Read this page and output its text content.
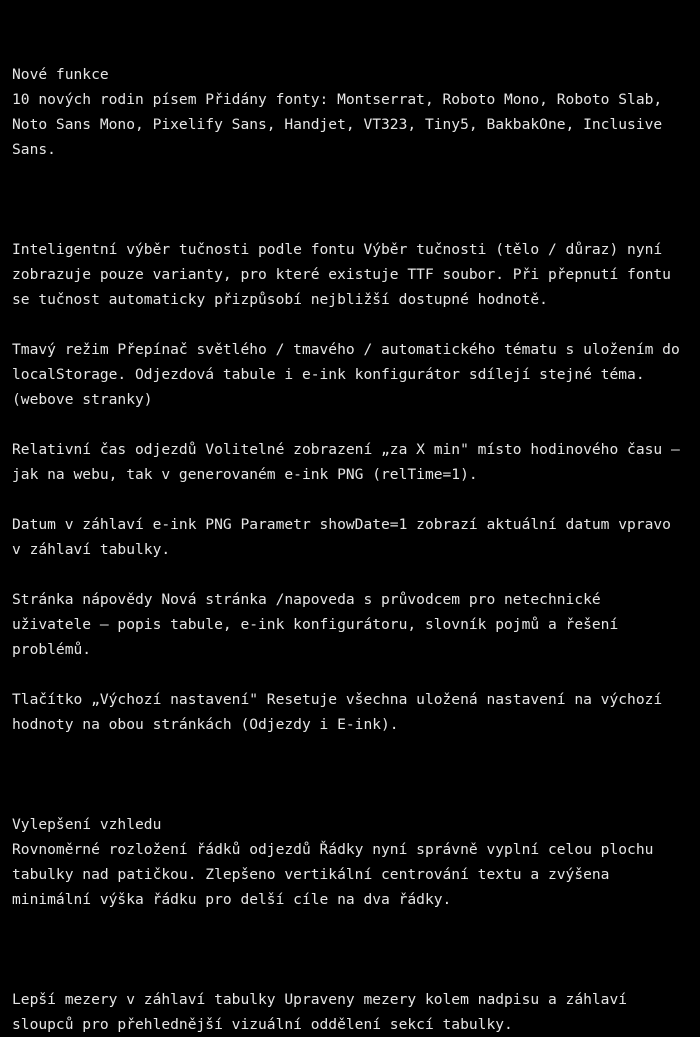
Nové funkce
10 nových rodin písem Přidány fonty: Montserrat, Roboto Mono, Roboto Slab, Noto Sans Mono, Pixelify Sans, Handjet, VT323, Tiny5, BakbakOne, Inclusive Sans.

Inteligentní výběr tučnosti podle fontu Výběr tučnosti (tělo / důraz) nyní zobrazuje pouze varianty, pro které existuje TTF soubor. Při přepnutí fontu se tučnost automaticky přizpůsobí nejbližší dostupné hodnotě.
Tmavý režim Přepínač světlého / tmavého / automatického tématu s uložením do localStorage. Odjezdová tabule i e-ink konfigurátor sdílejí stejné téma. (webove stranky)
Relativní čas odjezdů Volitelné zobrazení „za X min" místo hodinového času — jak na webu, tak v generovaném e-ink PNG (relTime=1).
Datum v záhlaví e-ink PNG Parametr showDate=1 zobrazí aktuální datum vpravo v záhlaví tabulky.
Stránka nápovědy Nová stránka /napoveda s průvodcem pro netechnické uživatele — popis tabule, e-ink konfigurátoru, slovník pojmů a řešení problémů.
Tlačítko „Výchozí nastavení" Resetuje všechna uložená nastavení na výchozí hodnoty na obou stránkách (Odjezdy i E-ink).

Vylepšení vzhledu
Rovnoměrné rozložení řádků odjezdů Řádky nyní správně vyplní celou plochu tabulky nad patičkou. Zlepšeno vertikální centrování textu a zvýšena minimální výška řádku pro delší cíle na dva řádky.

Lepší mezery v záhlaví tabulky Upraveny mezery kolem nadpisu a záhlaví sloupců pro přehlednější vizuální oddělení sekcí tabulky.
